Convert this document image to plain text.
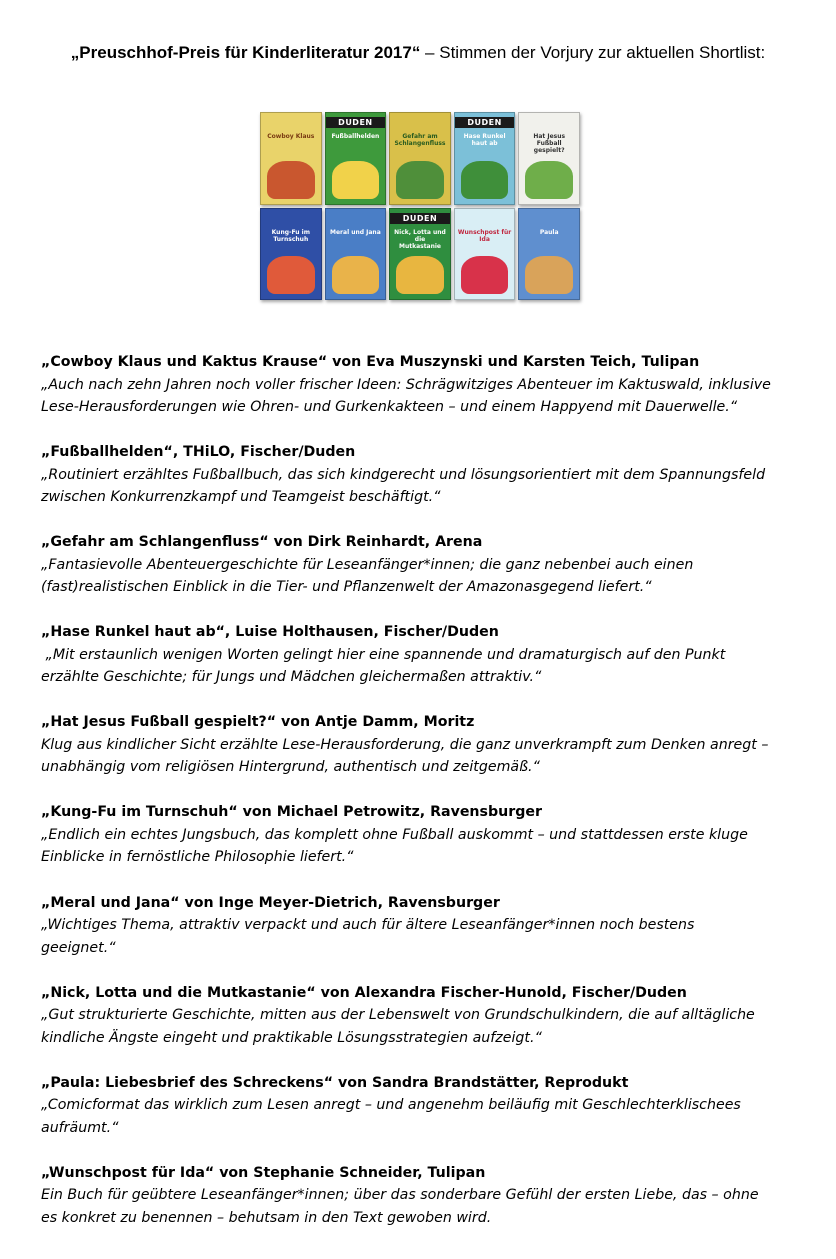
„Preuschhof-Preis für Kinderliteratur 2017“ – Stimmen der Vorjury zur aktuellen Shortlist:
Cowboy Klaus
DUDEN
Fußballhelden	Gefahr am Schlangenfluss
DUDEN
Hase Runkel haut ab
Hat Jesus Fußball gespielt?
Kung-Fu im Turnschuh
Meral und Jana
DUDEN
Nick, Lotta und die Mutkastanie
Wunschpost für Ida
Paula
„Cowboy Klaus und Kaktus Krause“ von Eva Muszynski und Karsten Teich, Tulipan
„Auch nach zehn Jahren noch voller frischer Ideen: Schrägwitziges Abenteuer im Kaktuswald, inklusive
Lese-Herausforderungen wie Ohren- und Gurkenkakteen – und einem Happyend mit Dauerwelle.“
„Fußballhelden“, THiLO, Fischer/Duden
„Routiniert erzähltes Fußballbuch, das sich kindgerecht und lösungsorientiert mit dem Spannungsfeld
zwischen Konkurrenzkampf und Teamgeist beschäftigt.“
„Gefahr am Schlangenfluss“ von Dirk Reinhardt, Arena
„Fantasievolle Abenteuergeschichte für Leseanfänger*innen; die ganz nebenbei auch einen
(fast)realistischen Einblick in die Tier- und Pflanzenwelt der Amazonasgegend liefert.“
„Hase Runkel haut ab“, Luise Holthausen, Fischer/Duden
„Mit erstaunlich wenigen Worten gelingt hier eine spannende und dramaturgisch auf den Punkt
erzählte Geschichte; für Jungs und Mädchen gleichermaßen attraktiv.“
„Hat Jesus Fußball gespielt?“ von Antje Damm, Moritz
Klug aus kindlicher Sicht erzählte Lese-Herausforderung, die ganz unverkrampft zum Denken anregt –
unabhängig vom religiösen Hintergrund, authentisch und zeitgemäß.“
„Kung-Fu im Turnschuh“ von Michael Petrowitz, Ravensburger
„Endlich ein echtes Jungsbuch, das komplett ohne Fußball auskommt – und stattdessen erste kluge
Einblicke in fernöstliche Philosophie liefert.“
„Meral und Jana“ von Inge Meyer-Dietrich, Ravensburger
„Wichtiges Thema, attraktiv verpackt und auch für ältere Leseanfänger*innen noch bestens
geeignet.“
„Nick, Lotta und die Mutkastanie“ von Alexandra Fischer-Hunold, Fischer/Duden
„Gut strukturierte Geschichte, mitten aus der Lebenswelt von Grundschulkindern, die auf alltägliche
kindliche Ängste eingeht und praktikable Lösungsstrategien aufzeigt.“
„Paula: Liebesbrief des Schreckens“ von Sandra Brandstätter, Reprodukt
„Comicformat das wirklich zum Lesen anregt – und angenehm beiläufig mit Geschlechterklischees
aufräumt.“
„Wunschpost für Ida“ von Stephanie Schneider, Tulipan
Ein Buch für geübtere Leseanfänger*innen; über das sonderbare Gefühl der ersten Liebe, das – ohne
es konkret zu benennen – behutsam in den Text gewoben wird.
